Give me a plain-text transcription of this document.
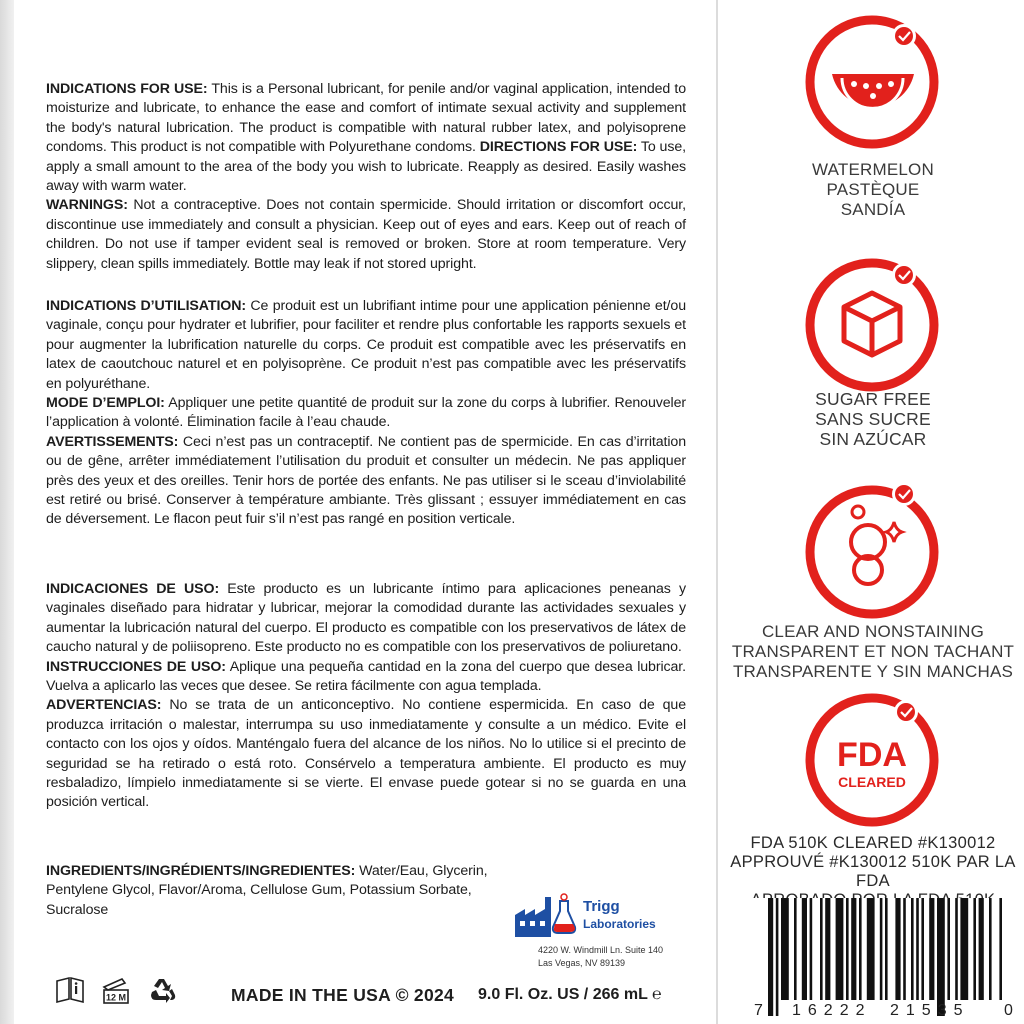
INDICATIONS FOR USE: This is a Personal lubricant, for penile and/or vaginal application, intended to moisturize and lubricate, to enhance the ease and comfort of intimate sexual activity and supplement the body's natural lubrication. The product is compatible with natural rubber latex, and polyisoprene condoms. This product is not compatible with Polyurethane condoms. DIRECTIONS FOR USE: To use, apply a small amount to the area of the body you wish to lubricate. Reapply as desired. Easily washes away with warm water.
WARNINGS: Not a contraceptive. Does not contain spermicide. Should irritation or discomfort occur, discontinue use immediately and consult a physician. Keep out of eyes and ears. Keep out of reach of children. Do not use if tamper evident seal is removed or broken. Store at room temperature. Very slippery, clean spills immediately. Bottle may leak if not stored upright.
INDICATIONS D’UTILISATION: Ce produit est un lubrifiant intime pour une application pénienne et/ou vaginale, conçu pour hydrater et lubrifier, pour faciliter et rendre plus confortable les rapports sexuels et pour augmenter la lubrification naturelle du corps. Ce produit est compatible avec les préservatifs en latex de caoutchouc naturel et en polyisoprène. Ce produit n’est pas compatible avec les préservatifs en polyuréthane.
MODE D’EMPLOI: Appliquer une petite quantité de produit sur la zone du corps à lubrifier. Renouveler l’application à volonté. Élimination facile à l’eau chaude.
AVERTISSEMENTS: Ceci n’est pas un contraceptif. Ne contient pas de spermicide. En cas d’irritation ou de gêne, arrêter immédiatement l’utilisation du produit et consulter un médecin. Ne pas appliquer près des yeux et des oreilles. Tenir hors de portée des enfants. Ne pas utiliser si le sceau d’inviolabilité est retiré ou brisé. Conserver à température ambiante. Très glissant ; essuyer immédiatement en cas de déversement. Le flacon peut fuir s’il n’est pas rangé en position verticale.
INDICACIONES DE USO: Este producto es un lubricante íntimo para aplicaciones peneanas y vaginales diseñado para hidratar y lubricar, mejorar la comodidad durante las actividades sexuales y aumentar la lubricación natural del cuerpo. El producto es compatible con los preservativos de látex de caucho natural y de poliisopreno. Este producto no es compatible con los preservativos de poliuretano.
INSTRUCCIONES DE USO: Aplique una pequeña cantidad en la zona del cuerpo que desea lubricar. Vuelva a aplicarlo las veces que desee. Se retira fácilmente con agua templada.
ADVERTENCIAS: No se trata de un anticonceptivo. No contiene espermicida. En caso de que produzca irritación o malestar, interrumpa su uso inmediatamente y consulte a un médico. Evite el contacto con los ojos y oídos. Manténgalo fuera del alcance de los niños. No lo utilice si el precinto de seguridad se ha retirado o está roto. Consérvelo a temperatura ambiente. El producto es muy resbaladizo, límpielo inmediatamente si se vierte. El envase puede gotear si no se guarda en una posición vertical.
INGREDIENTS/INGRÉDIENTS/INGREDIENTES: Water/Eau, Glycerin, Pentylene Glycol, Flavor/Aroma, Cellulose Gum, Potassium Sorbate, Sucralose	Trigg
Laboratories
4220 W. Windmill Ln. Suite 140
Las Vegas, NV 89139
12 M	MADE IN THE USA © 2024 9.0 Fl. Oz. US / 266 mL ℮
WATERMELON
PASTÈQUE
SANDÍA
SUGAR FREE
SANS SUCRE
SIN AZÚCAR
CLEAR AND NONSTAINING
TRANSPARENT ET NON TACHANT
TRANSPARENTE Y SIN MANCHAS
FDA
CLEARED
FDA 510K CLEARED #K130012
APPROUVÉ #K130012 510K PAR LA FDA
7 16222 21535 0
